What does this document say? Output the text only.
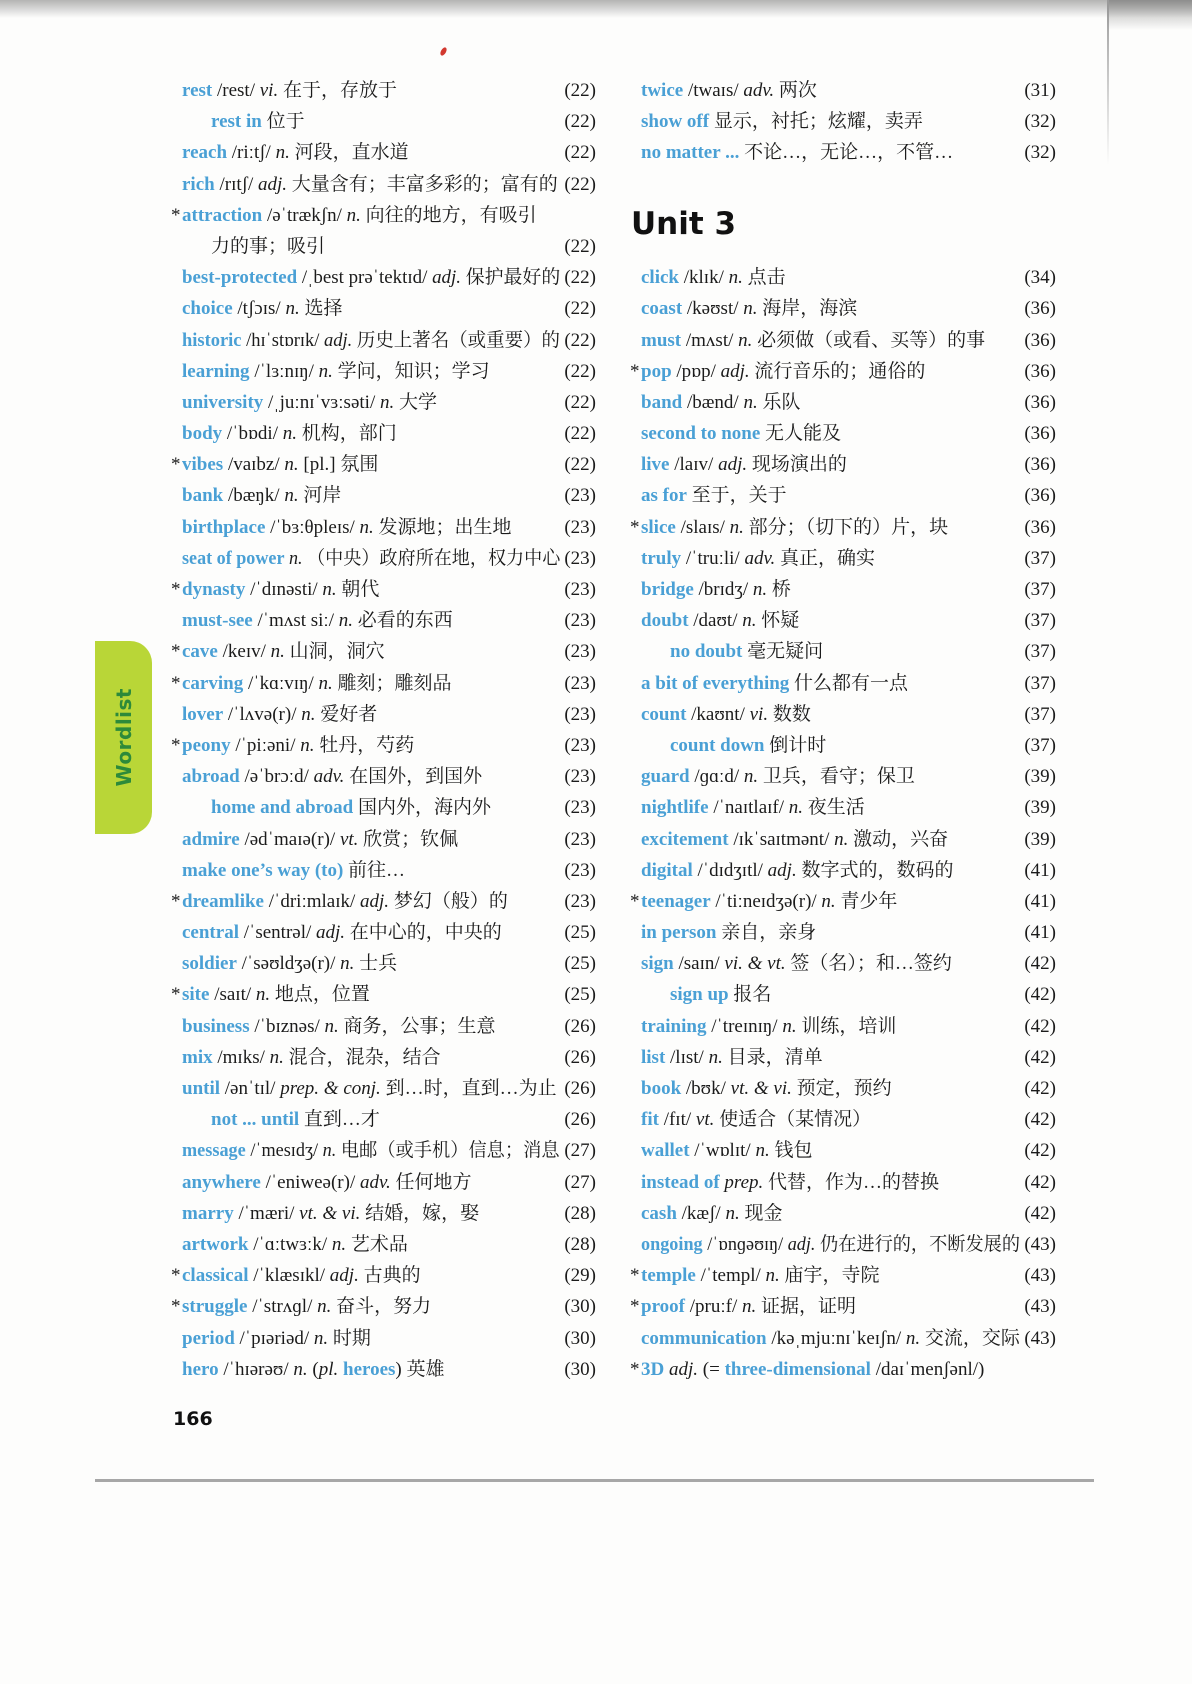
rest /rest/ vi. 在于，存放于	(22)
rest in 位于	(22)
reach /riːtʃ/ n. 河段，直水道	(22)
rich /rɪtʃ/ adj. 大量含有；丰富多彩的；富有的 (22)
* attraction /əˈtrækʃn/ n. 向往的地方，有吸引
力的事；吸引	(22)
best-protected /ˌbest prəˈtektɪd/ adj. 保护最好的 (22)
choice /tʃɔɪs/ n. 选择	(22)
historic /hɪˈstɒrɪk/ adj. 历史上著名（或重要）的 (22)
learning /ˈlɜːnɪŋ/ n. 学问，知识；学习	(22)
university /ˌjuːnɪˈvɜːsəti/ n. 大学	(22)
body /ˈbɒdi/ n. 机构，部门	(22)
* vibes /vaɪbz/ n. [pl.] 氛围	(22)
bank /bæŋk/ n. 河岸	(23)
birthplace /ˈbɜːθpleɪs/ n. 发源地；出生地	(23)
seat of power n. （中央）政府所在地，权力中心 (23)
* dynasty /ˈdɪnəsti/ n. 朝代	(23)
must-see /ˈmʌst siː/ n. 必看的东西	(23)
* cave /keɪv/ n. 山洞，洞穴	(23)
* carving /ˈkɑːvɪŋ/ n. 雕刻；雕刻品	(23)
lover /ˈlʌvə(r)/ n. 爱好者	(23)
* peony /ˈpiːəni/ n. 牡丹，芍药	(23)
abroad /əˈbrɔːd/ adv. 在国外，到国外	(23)
home and abroad 国内外，海内外	(23)
admire /ədˈmaɪə(r)/ vt. 欣赏；钦佩	(23)
make one’s way (to) 前往…	(23)
* dreamlike /ˈdriːmlaɪk/ adj. 梦幻（般）的	(23)
central /ˈsentrəl/ adj. 在中心的，中央的	(25)
soldier /ˈsəʊldʒə(r)/ n. 士兵	(25)
* site /saɪt/ n. 地点，位置	(25)
business /ˈbɪznəs/ n. 商务，公事；生意	(26)
mix /mɪks/ n. 混合，混杂，结合	(26)
until /ənˈtɪl/ prep. & conj. 到…时，直到…为止 (26)
not ... until 直到…才	(26)
message /ˈmesɪdʒ/ n. 电邮（或手机）信息；消息 (27)
anywhere /ˈeniweə(r)/ adv. 任何地方	(27)
marry /ˈmæri/ vt. & vi. 结婚，嫁，娶	(28)
artwork /ˈɑːtwɜːk/ n. 艺术品	(28)
* classical /ˈklæsɪkl/ adj. 古典的	(29)
* struggle /ˈstrʌɡl/ n. 奋斗，努力	(30)
period /ˈpɪəriəd/ n. 时期	(30)
hero /ˈhɪərəʊ/ n. (pl. heroes) 英雄	(30)
twice /twaɪs/ adv. 两次	(31)
show off 显示，衬托；炫耀，卖弄	(32)
no matter ... 不论…，无论…，不管…	(32)
Unit 3
click /klɪk/ n. 点击	(34)
coast /kəʊst/ n. 海岸，海滨	(36)
must /mʌst/ n. 必须做（或看、买等）的事 (36)
* pop /pɒp/ adj. 流行音乐的；通俗的	(36)
band /bænd/ n. 乐队	(36)
second to none 无人能及	(36)
live /laɪv/ adj. 现场演出的	(36)
as for 至于，关于	(36)
* slice /slaɪs/ n. 部分；（切下的）片，块	(36)
truly /ˈtruːli/ adv. 真正，确实	(37)
bridge /brɪdʒ/ n. 桥	(37)
doubt /daʊt/ n. 怀疑	(37)
no doubt 毫无疑问	(37)
a bit of everything 什么都有一点	(37)
count /kaʊnt/ vi. 数数	(37)
count down 倒计时	(37)
guard /ɡɑːd/ n. 卫兵，看守；保卫	(39)
nightlife /ˈnaɪtlaɪf/ n. 夜生活	(39)
excitement /ɪkˈsaɪtmənt/ n. 激动，兴奋	(39)
digital /ˈdɪdʒɪtl/ adj. 数字式的，数码的	(41)
* teenager /ˈtiːneɪdʒə(r)/ n. 青少年	(41)
in person 亲自，亲身	(41)
sign /saɪn/ vi. & vt. 签（名）；和…签约	(42)
sign up 报名	(42)
training /ˈtreɪnɪŋ/ n. 训练，培训	(42)
list /lɪst/ n. 目录，清单	(42)
book /bʊk/ vt. & vi. 预定，预约	(42)
fit /fɪt/ vt. 使适合（某情况）	(42)
wallet /ˈwɒlɪt/ n. 钱包	(42)
instead of prep. 代替，作为…的替换	(42)
cash /kæʃ/ n. 现金	(42)
ongoing /ˈɒnɡəʊɪŋ/ adj. 仍在进行的，不断发展的 (43)
* temple /ˈtempl/ n. 庙宇，寺院	(43)
* proof /pruːf/ n. 证据，证明	(43)
communication /kəˌmjuːnɪˈkeɪʃn/ n. 交流，交际 (43)
* 3D adj. (= three-dimensional /daɪˈmenʃənl/)
Wordlist
166
